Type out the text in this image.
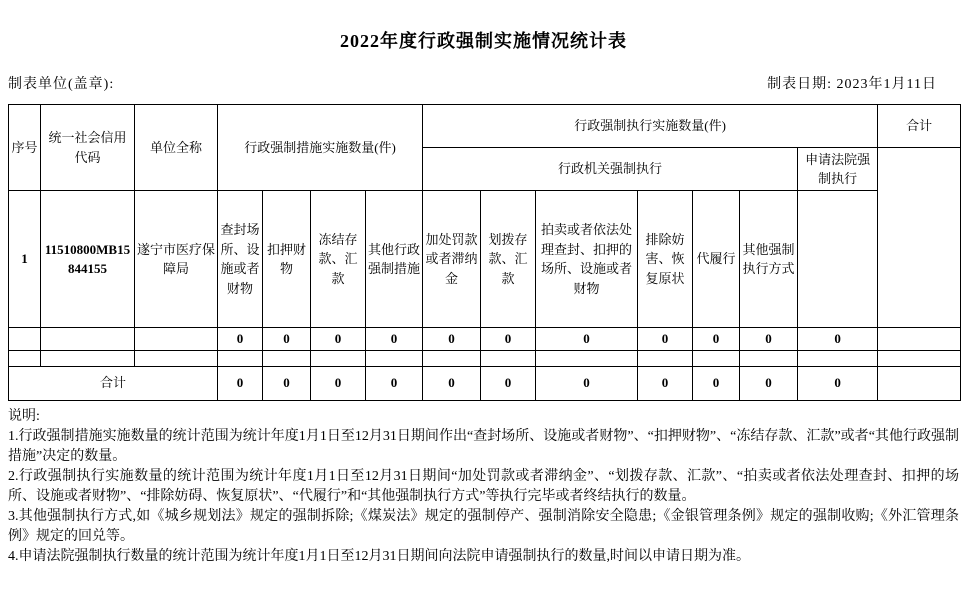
2022年度行政强制实施情况统计表
制表单位(盖章):	制表日期: 2023年1月11日
序号	统一社会信用代码	单位全称	行政强制措施实施数量(件)				行政强制执行实施数量(件)							合计
							行政机关强制执行						申请法院强制执行	
1	11510800MB15844155	遂宁市医疗保障局	查封场所、设施或者财物	扣押财物	冻结存款、汇款	其他行政强制措施	加处罚款或者滞纳金	划拨存款、汇款	拍卖或者依法处理查封、扣押的场所、设施或者财物	排除妨害、恢复原状	代履行	其他强制执行方式		
			0	0	0	0	0	0	0	0	0	0	0	

合计			0	0	0	0	0	0	0	0	0	0	0	
说明:

1.行政强制措施实施数量的统计范围为统计年度1月1日至12月31日期间作出“查封场所、设施或者财物”、“扣押财物”、“冻结存款、汇款”或者“其他行政强制措施”决定的数量。

2.行政强制执行实施数量的统计范围为统计年度1月1日至12月31日期间“加处罚款或者滞纳金”、“划拨存款、汇款”、“拍卖或者依法处理查封、扣押的场所、设施或者财物”、“排除妨碍、恢复原状”、“代履行”和“其他强制执行方式”等执行完毕或者终结执行的数量。

3.其他强制执行方式,如《城乡规划法》规定的强制拆除;《煤炭法》规定的强制停产、强制消除安全隐患;《金银管理条例》规定的强制收购;《外汇管理条例》规定的回兑等。

4.申请法院强制执行数量的统计范围为统计年度1月1日至12月31日期间向法院申请强制执行的数量,时间以申请日期为准。
